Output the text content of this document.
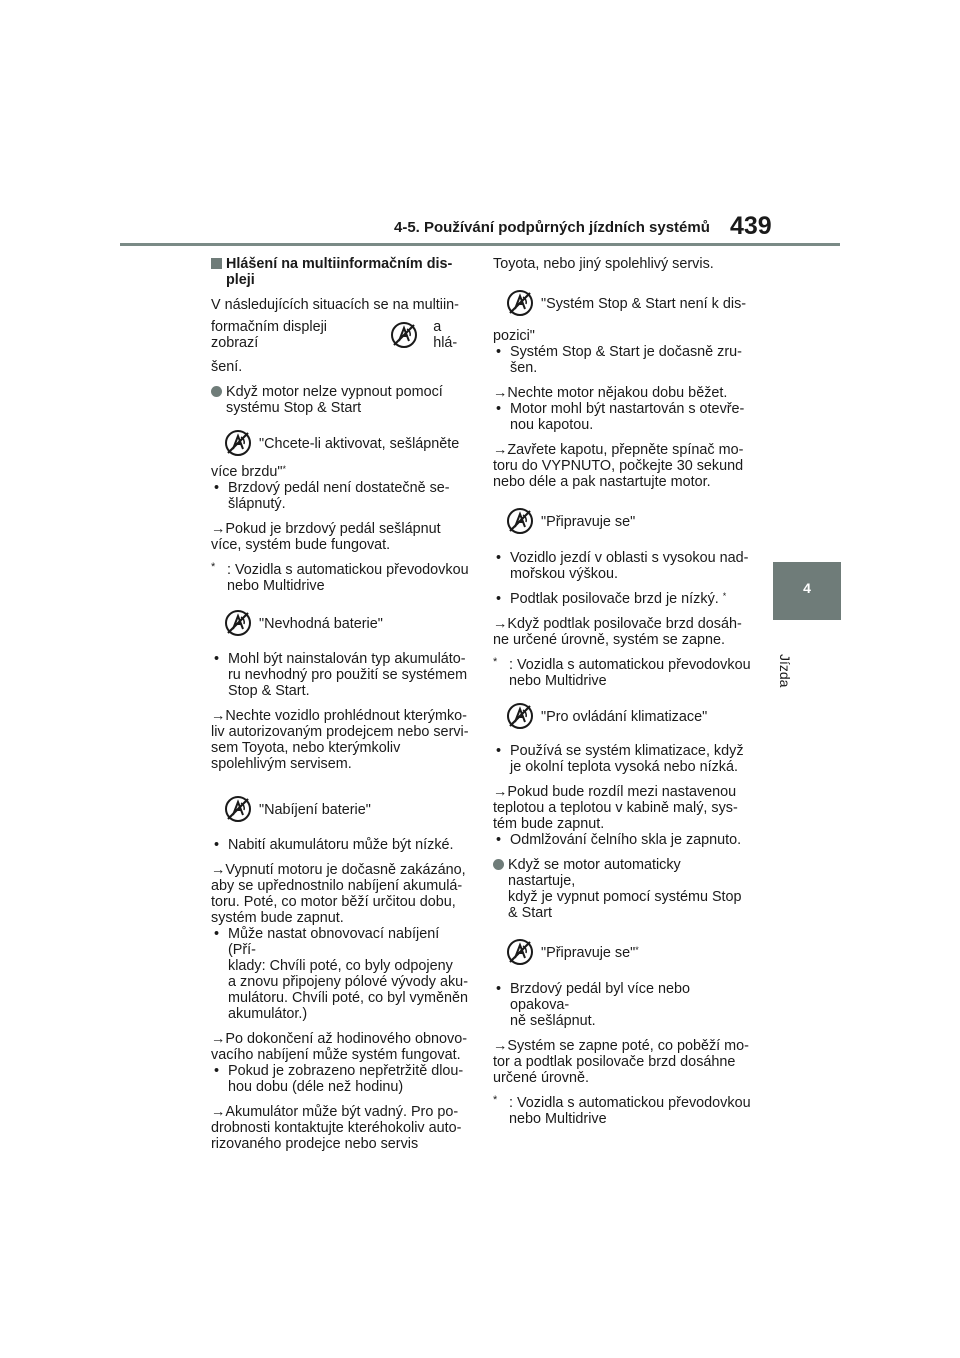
4-5. Používání podpůrných jízdních systémů 439
4
Jízda

Hlášení na multiinformačním dis-
pleji

V následujících situacích se na multiin-

formačním displeji zobrazí
a hlá-

šení.

Když motor nelze vypnout pomocí
systému Stop & Start

"Chcete-li aktivovat, sešlápněte

více brzdu"*

• Brzdový pedál není dostatečně se-
šlápnutý.

→Pokud je brzdový pedál sešlápnut
více, systém bude fungovat.

* : Vozidla s automatickou převodovkou
nebo Multidrive

"Nevhodná baterie"

• Mohl být nainstalován typ akumuláto-
ru nevhodný pro použití se systémem
Stop & Start.

→Nechte vozidlo prohlédnout kterýmko-
liv autorizovaným prodejcem nebo servi-
sem Toyota, nebo kterýmkoliv
spolehlivým servisem.

"Nabíjení baterie"

• Nabití akumulátoru může být nízké.

→Vypnutí motoru je dočasně zakázáno,
aby se upřednostnilo nabíjení akumulá-
toru. Poté, co motor běží určitou dobu,
systém bude zapnut.

• Může nastat obnovovací nabíjení (Pří-
klady: Chvíli poté, co byly odpojeny
a znovu připojeny pólové vývody aku-
mulátoru. Chvíli poté, co byl vyměněn
akumulátor.)

→Po dokončení až hodinového obnovo-
vacího nabíjení může systém fungovat.

• Pokud je zobrazeno nepřetržitě dlou-
hou dobu (déle než hodinu)

→Akumulátor může být vadný. Pro po-
drobnosti kontaktujte kteréhokoliv auto-
rizovaného prodejce nebo servis

Toyota, nebo jiný spolehlivý servis.

"Systém Stop & Start není k dis-

pozici"

• Systém Stop & Start je dočasně zru-
šen.

→Nechte motor nějakou dobu běžet.

• Motor mohl být nastartován s otevře-
nou kapotou.

→Zavřete kapotu, přepněte spínač mo-
toru do VYPNUTO, počkejte 30 sekund
nebo déle a pak nastartujte motor.

"Připravuje se"

• Vozidlo jezdí v oblasti s vysokou nad-
mořskou výškou.

• Podtlak posilovače brzd je nízký. *

→Když podtlak posilovače brzd dosáh-
ne určené úrovně, systém se zapne.

* : Vozidla s automatickou převodovkou
nebo Multidrive

"Pro ovládání klimatizace"

• Používá se systém klimatizace, když
je okolní teplota vysoká nebo nízká.

→Pokud bude rozdíl mezi nastavenou
teplotou a teplotou v kabině malý, sys-
tém bude zapnut.

• Odmlžování čelního skla je zapnuto.

Když se motor automaticky nastartuje,
když je vypnut pomocí systému Stop
& Start

"Připravuje se"*

• Brzdový pedál byl více nebo opakova-
ně sešlápnut.

→Systém se zapne poté, co poběží mo-
tor a podtlak posilovače brzd dosáhne
určené úrovně.

* : Vozidla s automatickou převodovkou
nebo Multidrive
